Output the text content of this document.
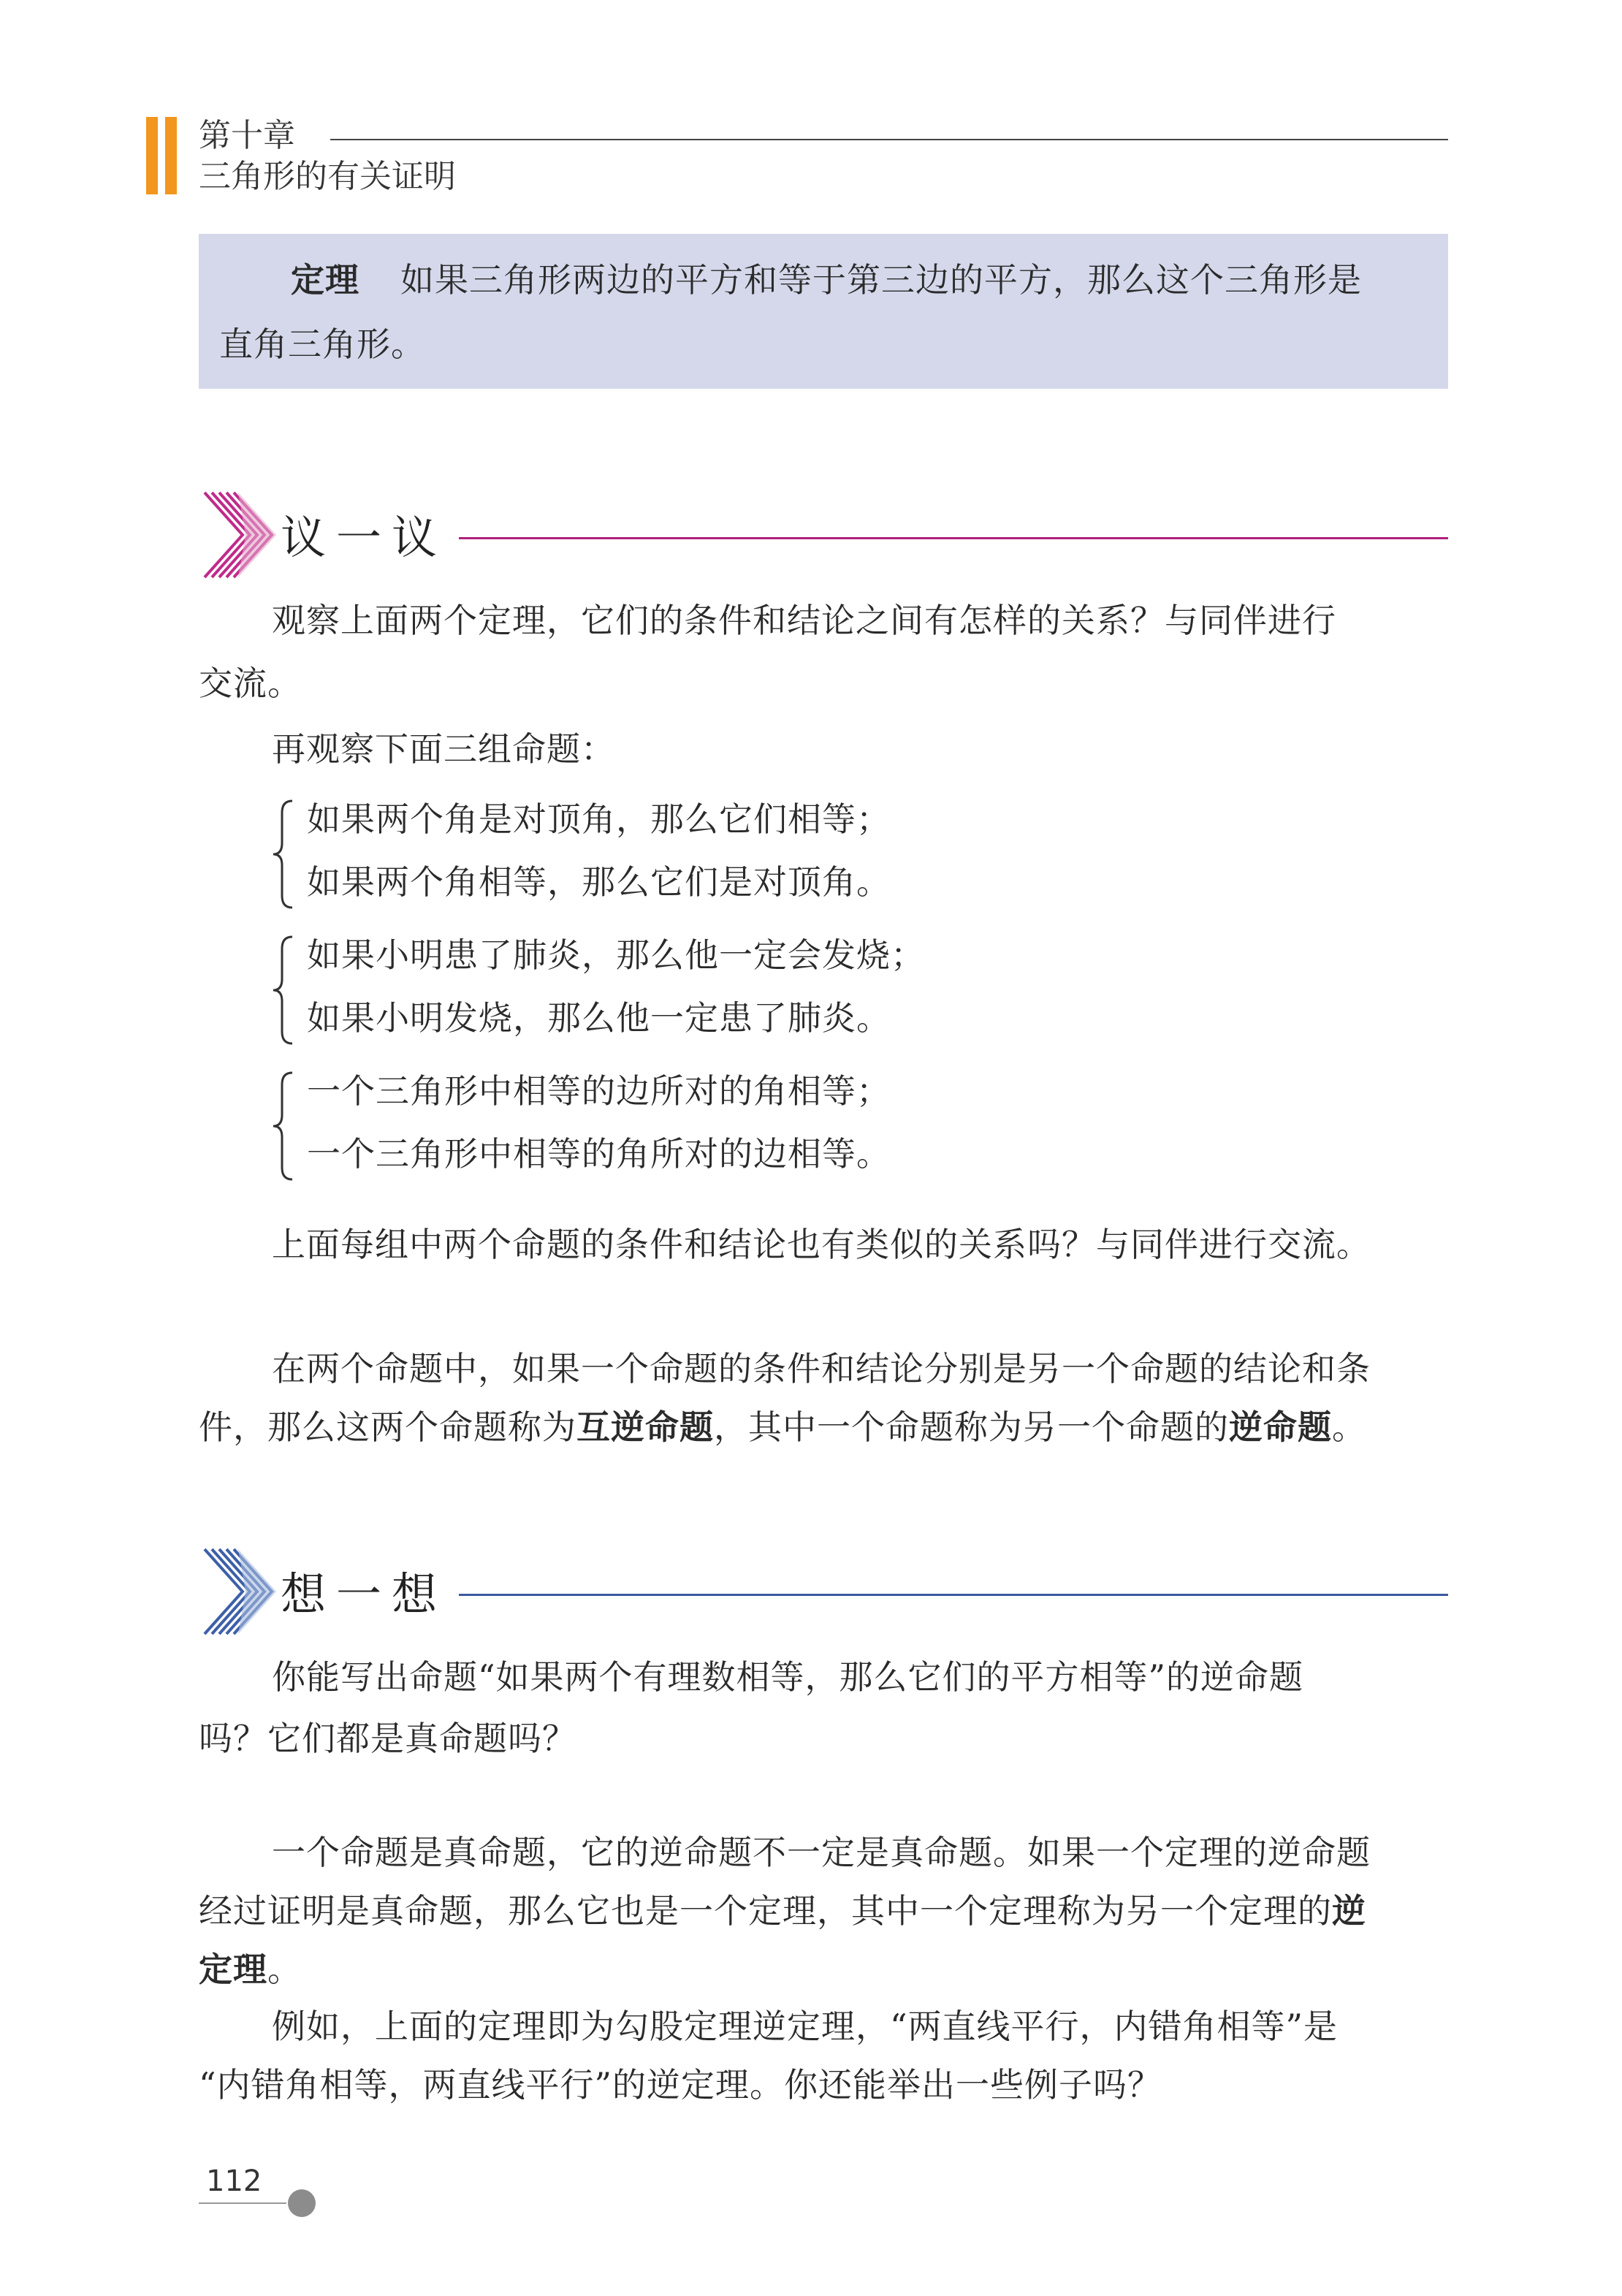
第十章
三角形的有关证明
定理 如果三角形两边的平方和等于第三边的平方，那么这个三角形是
直角三角形。
议一议
观察上面两个定理，它们的条件和结论之间有怎样的关系？与同伴进行
交流。
再观察下面三组命题：
如果两个角是对顶角，那么它们相等；
如果两个角相等，那么它们是对顶角。
如果小明患了肺炎，那么他一定会发烧；
如果小明发烧，那么他一定患了肺炎。
一个三角形中相等的边所对的角相等；
一个三角形中相等的角所对的边相等。
上面每组中两个命题的条件和结论也有类似的关系吗？与同伴进行交流。
在两个命题中，如果一个命题的条件和结论分别是另一个命题的结论和条
件，那么这两个命题称为互逆命题，其中一个命题称为另一个命题的逆命题。
想一想
你能写出命题“如果两个有理数相等，那么它们的平方相等”的逆命题
吗？它们都是真命题吗？
一个命题是真命题，它的逆命题不一定是真命题。如果一个定理的逆命题
经过证明是真命题，那么它也是一个定理，其中一个定理称为另一个定理的逆
定理。
例如，上面的定理即为勾股定理逆定理，“两直线平行，内错角相等”是
“内错角相等，两直线平行”的逆定理。你还能举出一些例子吗？
112
